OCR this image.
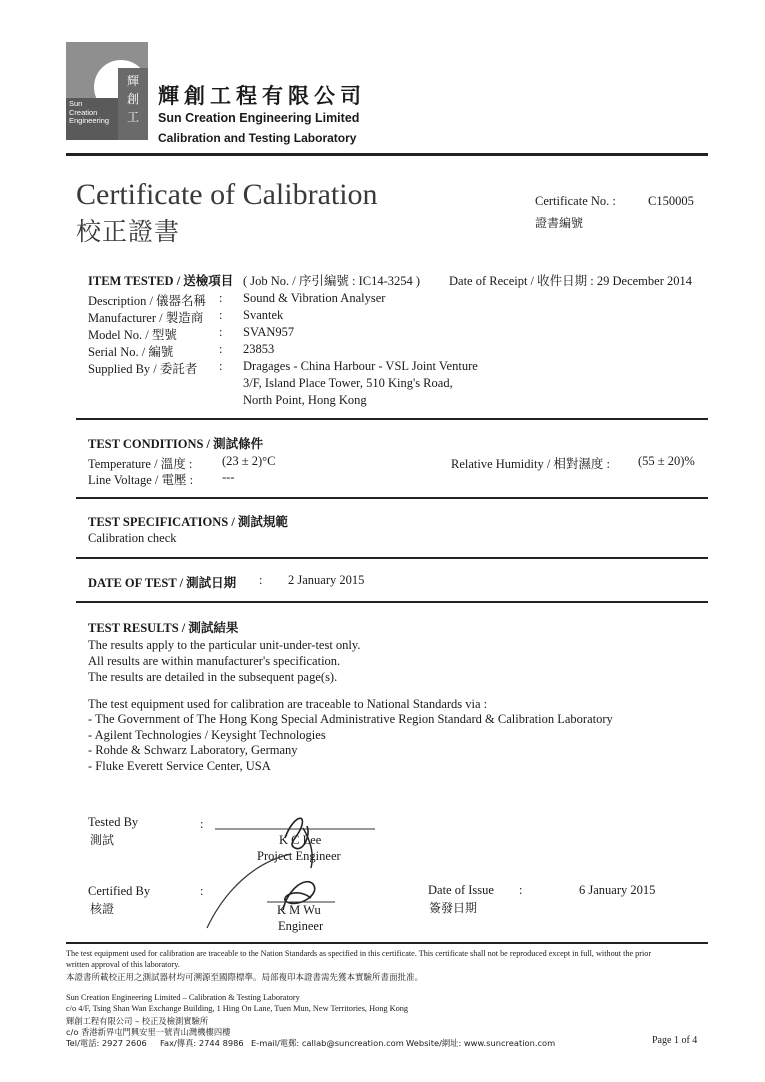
Sun
Creation
Engineering
輝
創
工
輝創工程有限公司
Sun Creation Engineering Limited
Calibration and Testing Laboratory
Certificate of Calibration
校正證書
Certificate No. :	C150005
證書編號
ITEM TESTED / 送檢項目 ( Job No. / 序引編號 : IC14-3254 ) Date of Receipt / 收件日期 : 29 December 2014
Description / 儀器名稱 : Sound & Vibration Analyser
Manufacturer / 製造商 : Svantek
Model No. / 型號	: SVAN957
Serial No. / 編號	: 23853
Supplied By / 委託者 : Dragages - China Harbour - VSL Joint Venture
3/F, Island Place Tower, 510 King's Road,
North Point, Hong Kong
TEST CONDITIONS / 測試條件
Temperature / 溫度 : (23 ± 2)°C	Relative Humidity / 相對濕度 : (55 ± 20)%
Line Voltage / 電壓 : ---
TEST SPECIFICATIONS / 測試規範
Calibration check
DATE OF TEST / 測試日期 : 2 January 2015
TEST RESULTS / 測試結果
The results apply to the particular unit-under-test only.
All results are within manufacturer's specification.
The results are detailed in the subsequent page(s).
The test equipment used for calibration are traceable to National Standards via :
- The Government of The Hong Kong Special Administrative Region Standard & Calibration Laboratory
- Agilent Technologies / Keysight Technologies
- Rohde & Schwarz Laboratory, Germany
- Fluke Everett Service Center, USA
Tested By
測試
:
K C Lee
Project Engineer
Certified By
核證
:
K M Wu
Engineer
Date of Issue
簽發日期
:	6 January 2015
The test equipment used for calibration are traceable to the Nation Standards as specified in this certificate. This certificate shall not be reproduced except in full, without the prior
written approval of this laboratory.
本證書所載校正用之測試器材均可溯源至國際標準。局部複印本證書需先獲本實驗所書面批准。
Sun Creation Engineering Limited – Calibration & Testing Laboratory
c/o 4/F, Tsing Shan Wan Exchange Building, 1 Hing On Lane, Tuen Mun, New Territories, Hong Kong
輝創工程有限公司 – 校正及檢測實驗所
c/o 香港新界屯門興安里一號青山灣機樓四樓
Tel/電話: 2927 2606 Fax/傳真: 2744 8986 E-mail/電郵: callab@suncreation.com Website/網址: www.suncreation.com	Page 1 of 4
